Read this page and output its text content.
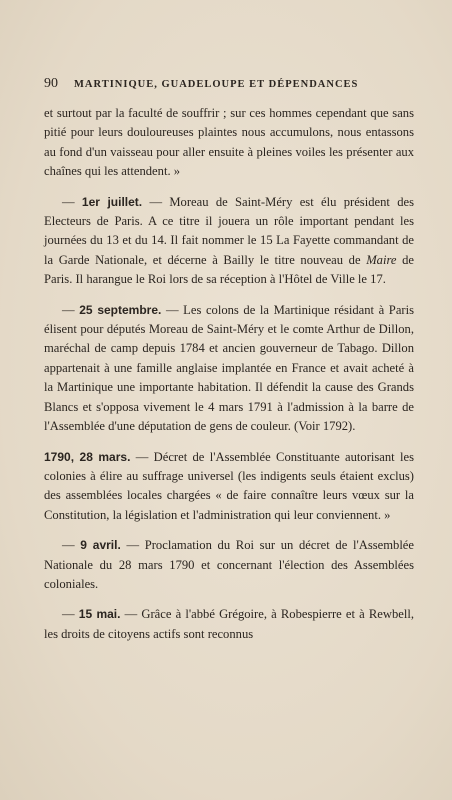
90	MARTINIQUE, GUADELOUPE ET DÉPENDANCES

et surtout par la faculté de souffrir ; sur ces hommes cependant que sans pitié pour leurs douloureuses plaintes nous accumulons, nous entassons au fond d'un vaisseau pour aller ensuite à pleines voiles les présenter aux chaînes qui les attendent. »

— 1er juillet. — Moreau de Saint-Méry est élu président des Electeurs de Paris. A ce titre il jouera un rôle important pendant les journées du 13 et du 14. Il fait nommer le 15 La Fayette commandant de la Garde Nationale, et décerne à Bailly le titre nouveau de Maire de Paris. Il harangue le Roi lors de sa réception à l'Hôtel de Ville le 17.

— 25 septembre. — Les colons de la Martinique résidant à Paris élisent pour députés Moreau de Saint-Méry et le comte Arthur de Dillon, maréchal de camp depuis 1784 et ancien gouverneur de Tabago. Dillon appartenait à une famille anglaise implantée en France et avait acheté à la Martinique une importante habitation. Il défendit la cause des Grands Blancs et s'opposa vivement le 4 mars 1791 à l'admission à la barre de l'Assemblée d'une députation de gens de couleur. (Voir 1792).

1790, 28 mars. — Décret de l'Assemblée Constituante autorisant les colonies à élire au suffrage universel (les indigents seuls étaient exclus) des assemblées locales chargées « de faire connaître leurs vœux sur la Constitution, la législation et l'administration qui leur conviennent. »

— 9 avril. — Proclamation du Roi sur un décret de l'Assemblée Nationale du 28 mars 1790 et concernant l'élection des Assemblées coloniales.

— 15 mai. — Grâce à l'abbé Grégoire, à Robespierre et à Rewbell, les droits de citoyens actifs sont reconnus
